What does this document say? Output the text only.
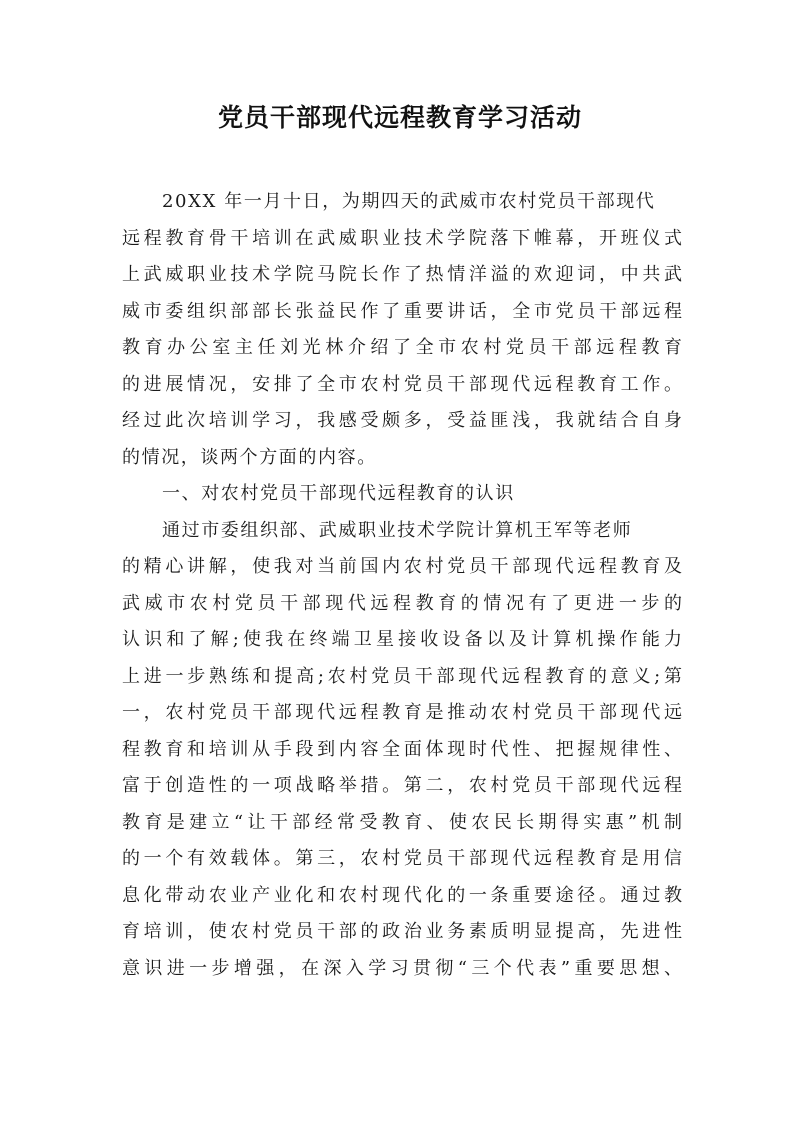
党员干部现代远程教育学习活动
20XX 年一月十日，为期四天的武威市农村党员干部现代
远程教育骨干培训在武威职业技术学院落下帷幕，开班仪式
上武威职业技术学院马院长作了热情洋溢的欢迎词，中共武
威市委组织部部长张益民作了重要讲话，全市党员干部远程
教育办公室主任刘光林介绍了全市农村党员干部远程教育
的进展情况，安排了全市农村党员干部现代远程教育工作。
经过此次培训学习，我感受颇多，受益匪浅，我就结合自身
的情况，谈两个方面的内容。
一、对农村党员干部现代远程教育的认识
通过市委组织部、武威职业技术学院计算机王军等老师
的精心讲解，使我对当前国内农村党员干部现代远程教育及
武威市农村党员干部现代远程教育的情况有了更进一步的
认识和了解;使我在终端卫星接收设备以及计算机操作能力
上进一步熟练和提高;农村党员干部现代远程教育的意义;第
一，农村党员干部现代远程教育是推动农村党员干部现代远
程教育和培训从手段到内容全面体现时代性、把握规律性、
富于创造性的一项战略举措。第二，农村党员干部现代远程
教育是建立“让干部经常受教育、使农民长期得实惠”机制
的一个有效载体。第三，农村党员干部现代远程教育是用信
息化带动农业产业化和农村现代化的一条重要途径。通过教
育培训，使农村党员干部的政治业务素质明显提高，先进性
意识进一步增强，在深入学习贯彻“三个代表”重要思想、
